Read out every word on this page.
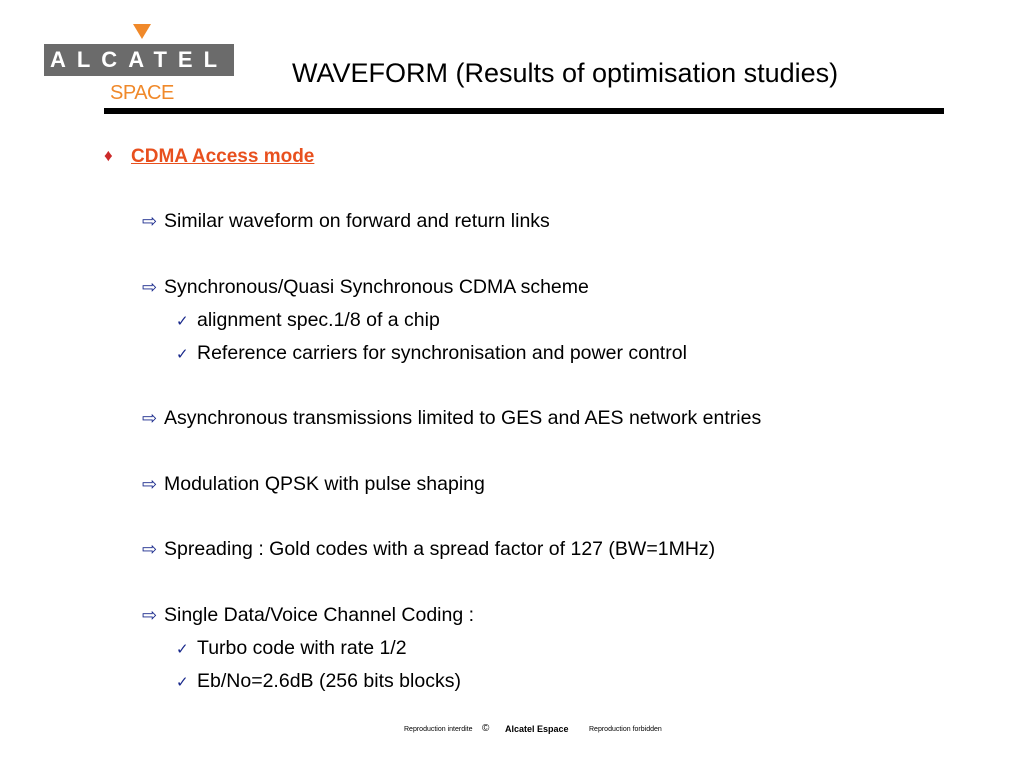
ALCATEL
SPACE
WAVEFORM (Results of optimisation studies)
♦ CDMA Access mode
⇨ Similar waveform on forward and return links
⇨ Synchronous/Quasi Synchronous CDMA scheme
✓ alignment spec.1/8 of a chip
✓ Reference carriers for synchronisation and power control
⇨ Asynchronous transmissions limited to GES and AES network entries
⇨ Modulation QPSK with pulse shaping
⇨ Spreading : Gold codes with a spread factor of 127 (BW=1MHz)
⇨ Single Data/Voice Channel Coding :
✓ Turbo code with rate 1/2
✓ Eb/No=2.6dB (256 bits blocks)
Reproduction interdite © Alcatel Espace	Reproduction forbidden
